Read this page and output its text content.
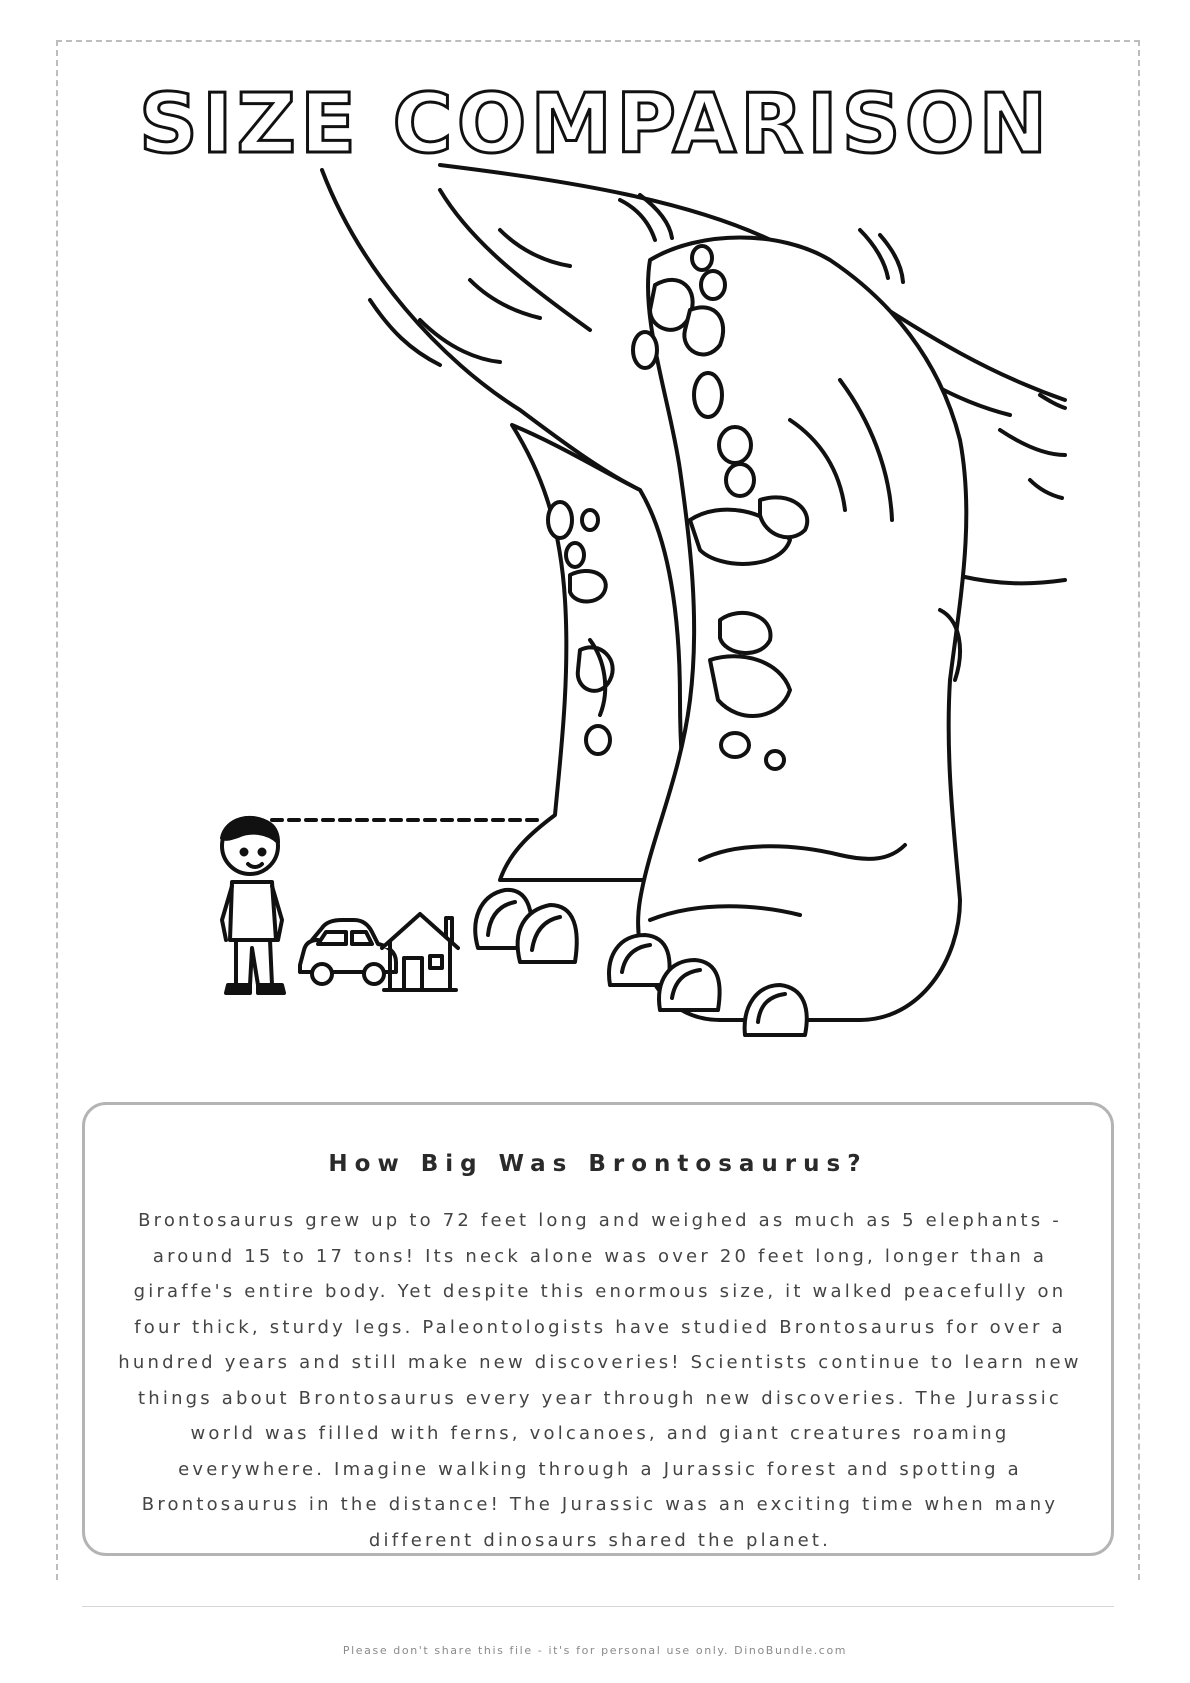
SIZE COMPARISON
How Big Was Brontosaurus?

Brontosaurus grew up to 72 feet long and weighed as much as 5 elephants - around 15 to 17 tons! Its neck alone was over 20 feet long, longer than a giraffe's entire body. Yet despite this enormous size, it walked peacefully on four thick, sturdy legs. Paleontologists have studied Brontosaurus for over a hundred years and still make new discoveries! Scientists continue to learn new things about Brontosaurus every year through new discoveries. The Jurassic world was filled with ferns, volcanoes, and giant creatures roaming everywhere. Imagine walking through a Jurassic forest and spotting a Brontosaurus in the distance! The Jurassic was an exciting time when many different dinosaurs shared the planet.

Please don't share this file - it's for personal use only. DinoBundle.com
